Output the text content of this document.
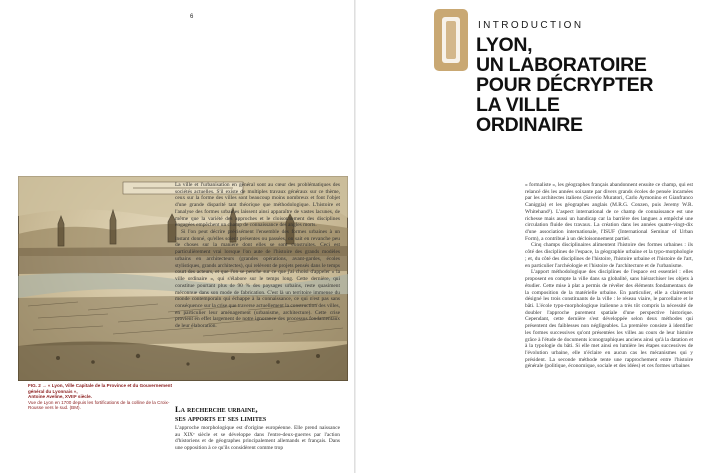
6
FIG. 2 → « Lyon, Ville Capitale de la Province et du Gouvernement général du Lyonnais »,
Antoine Aveline, XVIIIᵉ siècle.
Vue de Lyon en 1700 depuis les fortifications de la colline de la Croix-Rousse vers le sud. (BM).
INTRODUCTION
LYON,
UN LABORATOIRE
POUR DÉCRYPTER
LA VILLE
ORDINAIRE

La ville et l'urbanisation en général sont au cœur des problématiques des sociétés actuelles. S'il existe de multiples travaux généraux sur ce thème, ceux sur la forme des villes sont beaucoup moins nombreux et font l'objet d'une grande disparité tant théorique que méthodologique. L'histoire et l'analyse des formes urbaines laissent ainsi apparaître de vastes lacunes, de même que la variété des approches et le cloisonnement des disciplines engagées empêchent un champ de connaissance des angles morts.

Si l'on peut décrire précisément l'ensemble des formes urbaines à un instant donné, qu'elles soient présentes ou passées, on sait en revanche peu de choses sur la manière dont elles se sont construites. Ceci est particulièrement vrai lorsque l'on aute de l'histoire des grands modèles urbains en architecteurs (grandes opérations, avant-gardes, écoles stylistiques, grands architectes), qui relèvent de projets pensés dans le temps court des acteurs, et que l'on se penche sur ce que j'ai choisi d'appeler « la ville ordinaire », qui s'élabore sur le temps long. Cette dernière, qui constitue pourtant plus de 90 % des paysages urbains, reste quasiment méconnue dans son mode de fabrication. C'est là un territoire immense du monde contemporain qui échappe à la connaissance, ce qui n'est pas sans conséquence sur la crise que traverse actuellement la construction des villes, en particulier leur aménagement (urbanisme, architecture). Cette crise provient en effet largement de notre ignorance des processus fondamentaux de leur élaboration.

La recherche urbaine,
ses apports et ses limites

L'approche morphologique est d'origine européenne. Elle prend naissance au XIXᵉ siècle et se développe dans l'entre-deux-guerres par l'action d'historiens et de géographes principalement allemands et français. Dans une opposition à ce qu'ils considèrent comme trop

« formaliste », les géographes français abandonnent ensuite ce champ, qui est relancé dès les années soixante par divers grands écoles de pensée incarnées par les architectes italiens (Saverio Muratori, Carlo Aymonino et Gianfranco Caniggia) et les géographes anglais (M.R.G. Conzen, puis Jeremy W.R. Whitehand¹). L'aspect international de ce champ de connaissance est une richesse mais aussi un handicap car la barrière des langues a empêché une circulation fluide des travaux. La création dans les années quatre-vingt-dix d'une association internationale, l'ISUF (International Seminar of Urban Form), a contribué à un décloisonnement partiel.

Cinq champs disciplinaires alimentent l'histoire des formes urbaines : ils côté des disciplines de l'espace, la géographie urbaine et la typo-morphologie ; et, du côté des disciplines de l'histoire, l'histoire urbaine et l'histoire de l'art, en particulier l'archéologie et l'histoire de l'architecture et de l'urbanisme.

L'apport méthodologique des disciplines de l'espace est essentiel : elles proposent en compte la ville dans sa globalité, sans hiérarchiser les objets à étudier. Cette mise à plat a permis de révéler des éléments fondamentaux de la composition de la matérielle urbaine. En particulier, elle a clairement désigné les trois constituants de la ville : le réseau viaire, le parcellaire et le bâti. L'école typo-morphologique italienne a très tôt compris la nécessité de doubler l'approche purement spatiale d'une perspective historique. Cependant, cette dernière s'est développée selon deux méthodes qui présentent des faiblesses non négligeables. La première consiste à identifier les formes successives qu'ont présentées les villes au cours de leur histoire grâce à l'étude de documents iconographiques anciens ainsi qu'à la datation et à la typologie du bâti. Si elle met ainsi en lumière les étapes successives de l'évolution urbaine, elle n'éclaire en aucun cas les mécanismes qui y président. La seconde méthode tente une rapprochement entre l'histoire générale (politique, économique, sociale et des idées) et ces formes urbaines
